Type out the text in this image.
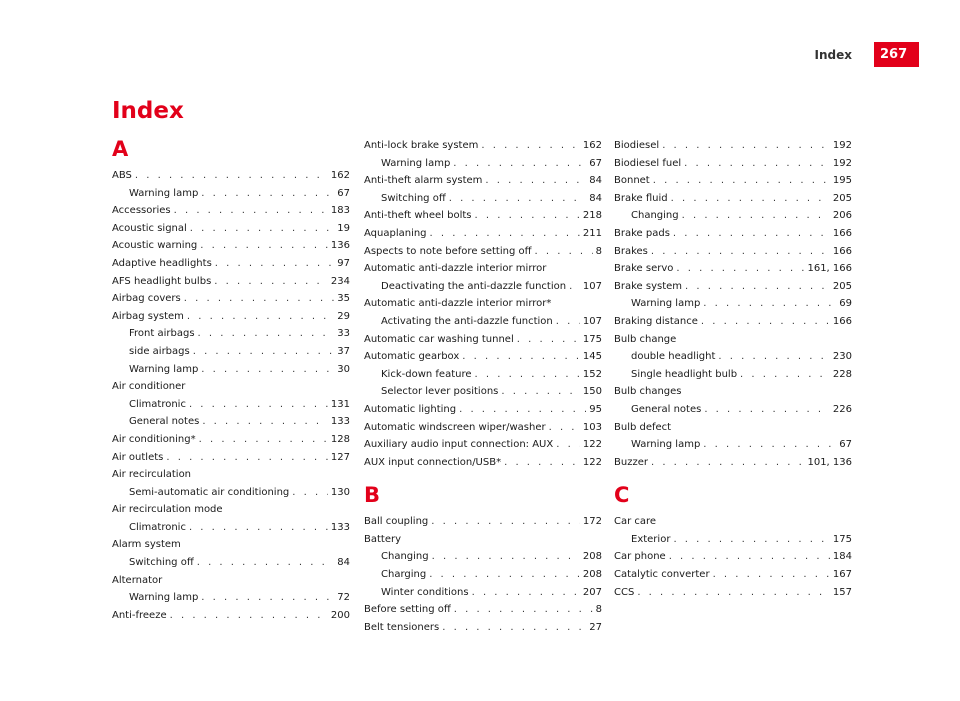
Index	267
Index
A
ABS . . .	162
Warning lamp . . .	67
Accessories . . .	183
Acoustic signal . . .	19
Acoustic warning . . .	136
Adaptive headlights . . .	97
AFS headlight bulbs . . .	234
Airbag covers . . .	35
Airbag system . . .	29
Front airbags . . .	33
side airbags . . .	37
Warning lamp . . .	30
Air conditioner
Climatronic . . .	131
General notes . . .	133
Air conditioning* . . .	128
Air outlets . . .	127
Air recirculation
Semi-automatic air conditioning . . .	130
Air recirculation mode
Climatronic . . .	133
Alarm system
Switching off . . .	84
Alternator
Warning lamp . . .	72
Anti-freeze . . .	200
Anti-lock brake system . . .	162
Warning lamp . . .	67
Anti-theft alarm system . . .	84
Switching off . . .	84
Anti-theft wheel bolts . . .	218
Aquaplaning . . .	211
Aspects to note before setting off . . .	8
Automatic anti-dazzle interior mirror
Deactivating the anti-dazzle function . . . 107
Automatic anti-dazzle interior mirror*
Activating the anti-dazzle function . . .	107
Automatic car washing tunnel . . .	175
Automatic gearbox . . .	145
Kick-down feature . . .	152
Selector lever positions . . .	150
Automatic lighting . . .	95
Automatic windscreen wiper/washer . . .	103
Auxiliary audio input connection: AUX . . .	122
AUX input connection/USB* . . .	122
B
Ball coupling . . .	172
Battery
Changing . . .	208
Charging . . .	208
Winter conditions . . .	207
Before setting off . . .	8
Belt tensioners . . .	27
Biodiesel . . .	192
Biodiesel fuel . . .	192
Bonnet . . .	195
Brake fluid . . .	205
Changing . . .	206
Brake pads . . .	166
Brakes . . .	166
Brake servo . . .	161, 166
Brake system . . .	205
Warning lamp . . .	69
Braking distance . . .	166
Bulb change
double headlight . . .	230
Single headlight bulb . . .	228
Bulb changes
General notes . . .	226
Bulb defect
Warning lamp . . .	67
Buzzer . . .	101, 136
C
Car care
Exterior . . .	175
Car phone . . .	184
Catalytic converter . . .	167
CCS . . .	157
